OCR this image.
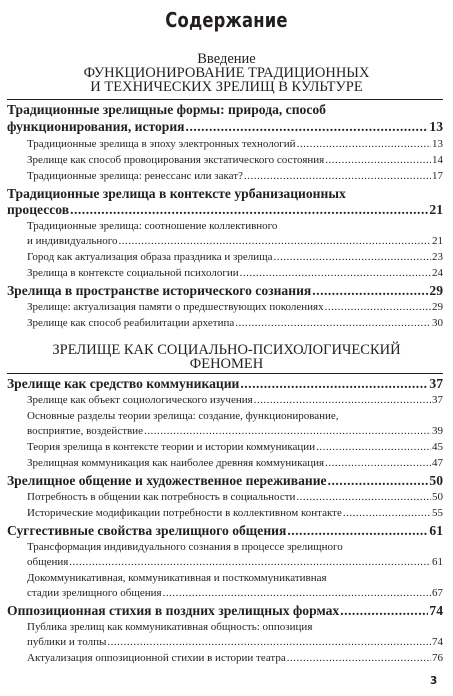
Содержание

Введение

ФУНКЦИОНИРОВАНИЕ ТРАДИЦИОННЫХ

И ТЕХНИЧЕСКИХ ЗРЕЛИЩ В КУЛЬТУРЕ

Традиционные зрелищные формы: природа, способ
функционирования, история .....	13
Традиционные зрелища в эпоху электронных технологий .....	13
Зрелище как способ провоцирования экстатического состояния .....	14
Традиционные зрелища: ренессанс или закат? .....	17
Традиционные зрелища в контексте урбанизационных
процессов .....	21
Традиционные зрелища: соотношение коллективного
и индивидуального .....	21
Город как актуализация образа праздника и зрелища .....	23
Зрелища в контексте социальной психологии .....	24
Зрелища в пространстве исторического сознания .....	29
Зрелище: актуализация памяти о предшествующих поколениях .....	29
Зрелище как способ реабилитации архетипа .....	30

ЗРЕЛИЩЕ КАК СОЦИАЛЬНО-ПСИХОЛОГИЧЕСКИЙ

ФЕНОМЕН

Зрелище как средство коммуникации .....	37
Зрелище как объект социологического изучения .....	37
Основные разделы теории зрелища: создание, функционирование,
восприятие, воздействие .....	39
Теория зрелища в контексте теории и истории коммуникации .....	45
Зрелищная коммуникация как наиболее древняя коммуникация .....	47
Зрелищное общение и художественное переживание .....	50
Потребность в общении как потребность в социальности .....	50
Исторические модификации потребности в коллективном контакте .....	55
Суггестивные свойства зрелищного общения .....	61
Трансформация индивидуального сознания в процессе зрелищного
общения .....	61
Докоммуникативная, коммуникативная и посткоммуникативная
стадии зрелищного общения .....	67
Оппозиционная стихия в поздних зрелищных формах .....	74
Публика зрелищ как коммуникативная общность: оппозиция
публики и толпы .....	74
Актуализация оппозиционной стихии в истории театра .....	76
3
